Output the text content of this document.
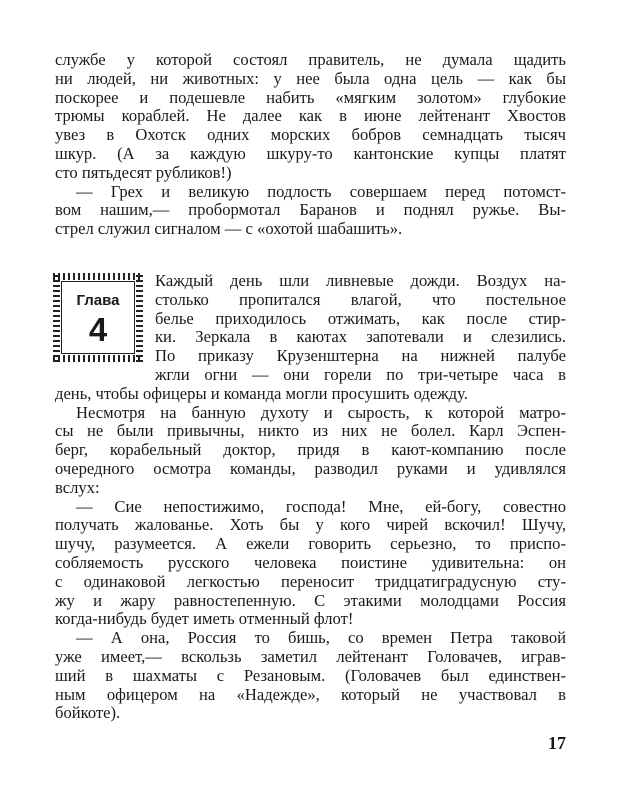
службе у которой состоял правитель, не думала щадить
ни людей, ни животных: у нее была одна цель — как бы
поскорее и подешевле набить «мягким золотом» глубокие
трюмы кораблей. Не далее как в июне лейтенант Хвостов
увез в Охотск одних морских бобров семнадцать тысяч
шкур. (А за каждую шкуру-то кантонские купцы платят
сто пятьдесят рубликов!)
— Грех и великую подлость совершаем перед потомст-
вом нашим,— пробормотал Баранов и поднял ружье. Вы-
стрел служил сигналом — с «охотой шабашить».
Глава
4
Каждый день шли ливневые дожди. Воздух на-
столько пропитался влагой, что постельное
белье приходилось отжимать, как после стир-
ки. Зеркала в каютах запотевали и слезились.
По приказу Крузенштерна на нижней палубе
жгли огни — они горели по три-четыре часа в
день, чтобы офицеры и команда могли просушить одежду.
Несмотря на банную духоту и сырость, к которой матро-
сы не были привычны, никто из них не болел. Карл Эспен-
берг, корабельный доктор, придя в кают-компанию после
очередного осмотра команды, разводил руками и удивлялся
вслух:
— Сие непостижимо, господа! Мне, ей-богу, совестно
получать жалованье. Хоть бы у кого чирей вскочил! Шучу,
шучу, разумеется. А ежели говорить серьезно, то приспо-
собляемость русского человека поистине удивительна: он
с одинаковой легкостью переносит тридцатиградусную сту-
жу и жару равностепенную. С этакими молодцами Россия
когда-нибудь будет иметь отменный флот!
— А она, Россия то бишь, со времен Петра таковой
уже имеет,— вскользь заметил лейтенант Головачев, играв-
ший в шахматы с Резановым. (Головачев был единствен-
ным офицером на «Надежде», который не участвовал в
бойкоте).
17
